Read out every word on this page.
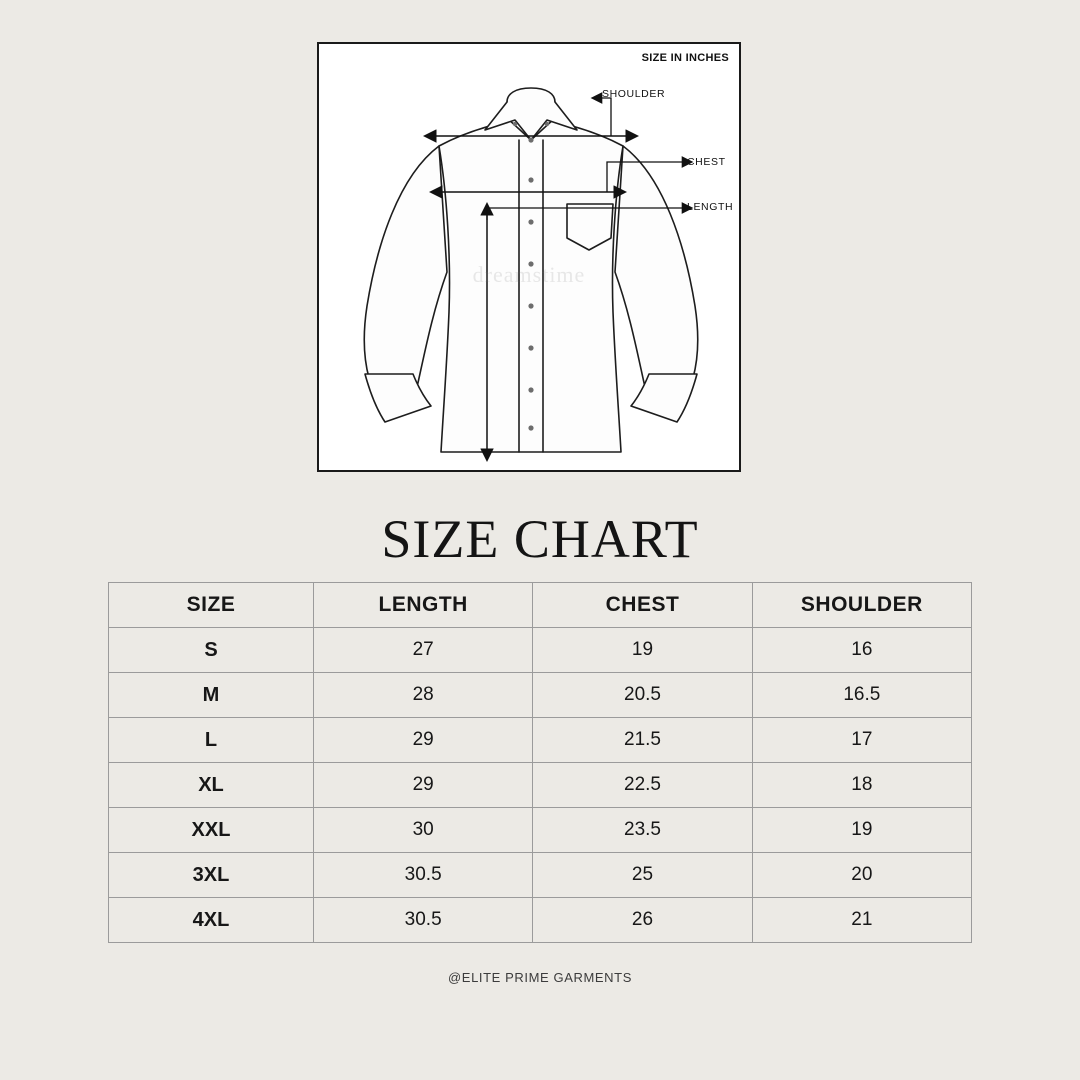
SIZE IN INCHES
SHOULDER
CHEST
LENGTH
SIZE CHART
SIZE	LENGTH	CHEST	SHOULDER
S	27	19	16
M	28	20.5	16.5
L	29	21.5	17
XL	29	22.5	18
XXL	30	23.5	19
3XL	30.5	25	20
4XL	30.5	26	21
@ELITE PRIME GARMENTS
